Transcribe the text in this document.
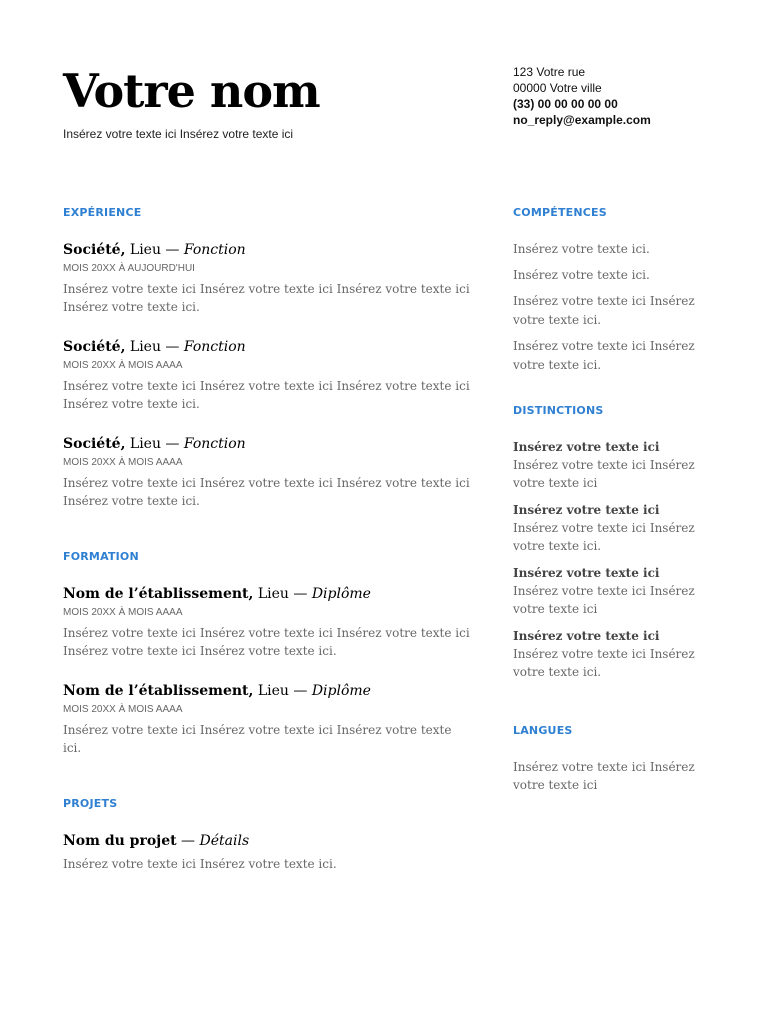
Votre nom
Insérez votre texte ici Insérez votre texte ici
123 Votre rue
00000 Votre ville
(33) 00 00 00 00 00
no_reply@example.com
EXPÉRIENCE
Société, Lieu — Fonction
MOIS 20XX À AUJOURD'HUI
Insérez votre texte ici Insérez votre texte ici Insérez votre texte ici Insérez votre texte ici.
Société, Lieu — Fonction
MOIS 20XX À MOIS AAAA
Insérez votre texte ici Insérez votre texte ici Insérez votre texte ici Insérez votre texte ici.
Société, Lieu — Fonction
MOIS 20XX À MOIS AAAA
Insérez votre texte ici Insérez votre texte ici Insérez votre texte ici Insérez votre texte ici.
FORMATION
Nom de l’établissement, Lieu — Diplôme
MOIS 20XX À MOIS AAAA
Insérez votre texte ici Insérez votre texte ici Insérez votre texte ici Insérez votre texte ici Insérez votre texte ici.
Nom de l’établissement, Lieu — Diplôme
MOIS 20XX À MOIS AAAA
Insérez votre texte ici Insérez votre texte ici Insérez votre texte ici.
PROJETS
Nom du projet — Détails
Insérez votre texte ici Insérez votre texte ici.
COMPÉTENCES
Insérez votre texte ici.
Insérez votre texte ici.
Insérez votre texte ici Insérez votre texte ici.
Insérez votre texte ici Insérez votre texte ici.
DISTINCTIONS
Insérez votre texte ici Insérez votre texte ici Insérez votre texte ici
Insérez votre texte ici Insérez votre texte ici Insérez votre texte ici.
Insérez votre texte ici Insérez votre texte ici Insérez votre texte ici
Insérez votre texte ici Insérez votre texte ici Insérez votre texte ici.
LANGUES
Insérez votre texte ici Insérez votre texte ici
